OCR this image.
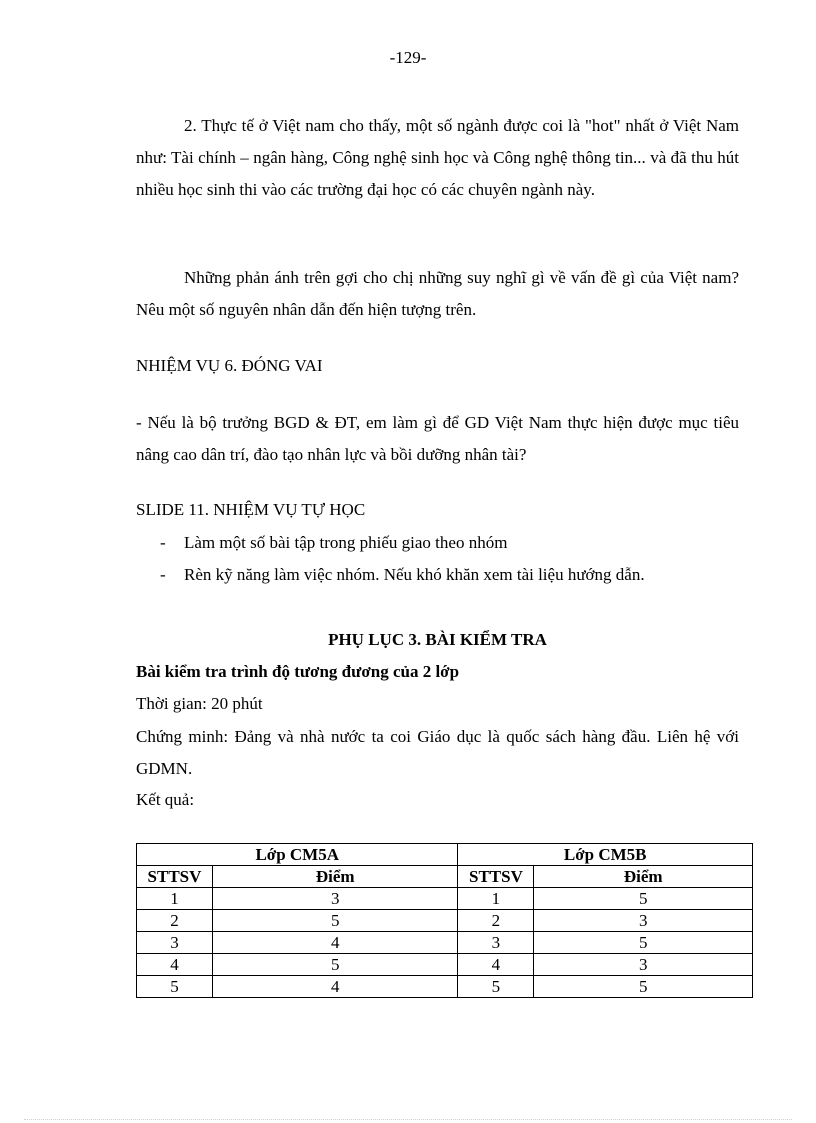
-129-

2. Thực tế ở Việt nam cho thấy, một số ngành được coi là "hot" nhất ở Việt Nam như: Tài chính – ngân hàng, Công nghệ sinh học và Công nghệ thông tin... và đã thu hút nhiều học sinh thi vào các trường đại học có các chuyên ngành này.

Những phản ánh trên gợi cho chị những suy nghĩ gì về vấn đề gì của Việt nam? Nêu một số nguyên nhân dẫn đến hiện tượng trên.

NHIỆM VỤ 6. ĐÓNG VAI

- Nếu là bộ trưởng BGD & ĐT, em làm gì để GD Việt Nam thực hiện được mục tiêu nâng cao dân trí, đào tạo nhân lực và bồi dưỡng nhân tài?

SLIDE 11. NHIỆM VỤ TỰ HỌC
- Làm một số bài tập trong phiếu giao theo nhóm
- Rèn kỹ năng làm việc nhóm. Nếu khó khăn xem tài liệu hướng dẫn.
PHỤ LỤC 3. BÀI KIỂM TRA
Bài kiểm tra trình độ tương đương của 2 lớp
Thời gian: 20 phút

Chứng minh: Đảng và nhà nước ta coi Giáo dục là quốc sách hàng đầu. Liên hệ với GDMN.

Kết quả:
Lớp CM5A		Lớp CM5B	
STTSV	Điểm	STTSV	Điểm
1	3	1	5
2	5	2	3
3	4	3	5
4	5	4	3
5	4	5	5
